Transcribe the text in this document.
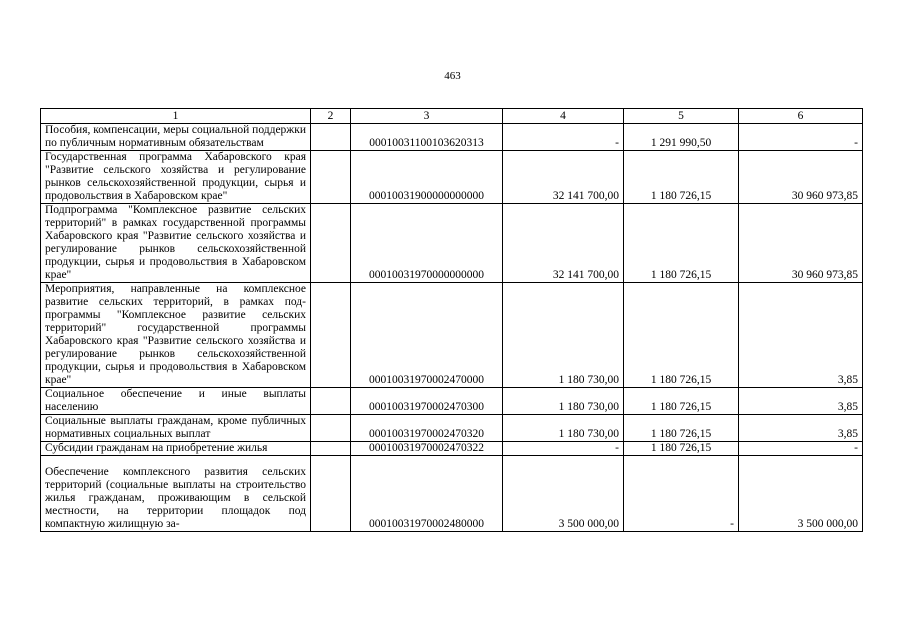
463
1	2	3	4	5	6
Пособия, компенсации, меры социальной поддержки по публичным нормативным обязательствам		00010031100103620313	-	1 291 990,50	-
Государственная программа Хабаровского края "Развитие сельского хозяйства и регулирование рынков сельскохозяйственной продукции, сырья и продовольствия в Хабаровском крае"		00010031900000000000	32 141 700,00	1 180 726,15	30 960 973,85
Подпрограмма "Комплексное развитие сельских территорий" в рамках государственной программы Хабаровского края "Развитие сельского хозяйства и регулирование рынков сельскохозяйственной продукции, сырья и продовольствия в Хабаровском крае"		00010031970000000000	32 141 700,00	1 180 726,15	30 960 973,85
Мероприятия, направленные на комплексное развитие сельских территорий, в рамках подпрограммы "Комплексное развитие сельских территорий" государственной программы Хабаровского края "Развитие сельского хозяйства и регулирование рынков сельскохозяйственной продукции, сырья и продовольствия в Хабаровском крае"		00010031970002470000	1 180 730,00	1 180 726,15	3,85
Социальное обеспечение и иные выплаты населению		00010031970002470300	1 180 730,00	1 180 726,15	3,85
Социальные выплаты гражданам, кроме публичных нормативных социальных выплат		00010031970002470320	1 180 730,00	1 180 726,15	3,85
Субсидии гражданам на приобретение жилья		00010031970002470322	-	1 180 726,15	-
Обеспечение комплексного развития сельских территорий (социальные выплаты на строительство жилья гражданам, проживающим в сельской местности, на территории площадок под компактную жилищную за-		00010031970002480000	3 500 000,00	-	3 500 000,00
